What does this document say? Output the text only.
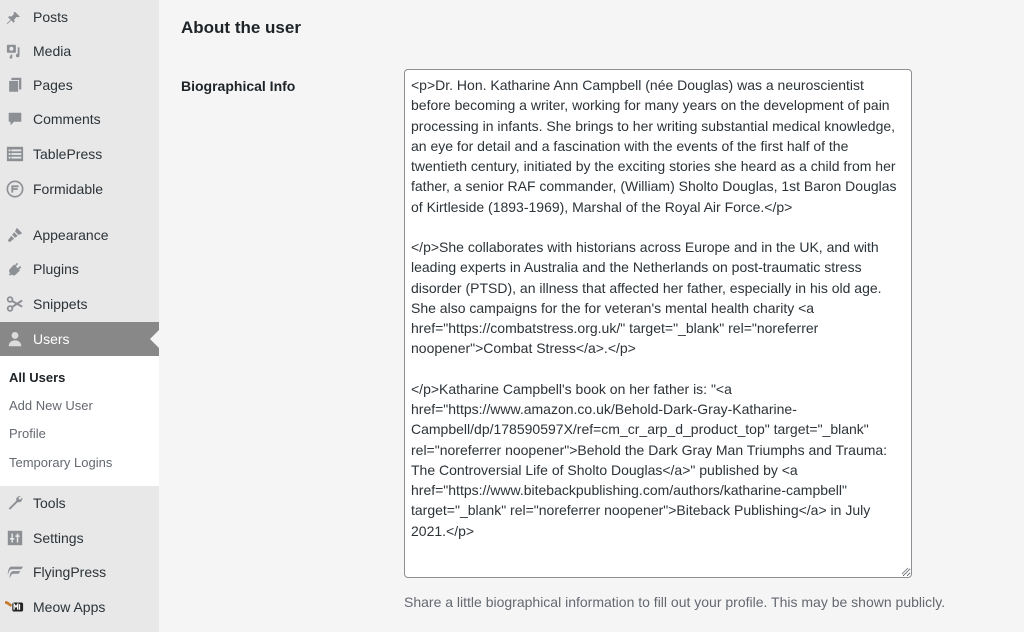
Posts
Media
Pages
Comments
TablePress
Formidable
Appearance
Plugins
Snippets
Users
All Users
Add New User
Profile
Temporary Logins
Tools
Settings
FlyingPress
Meow Apps
About the user
Biographical Info
<p>Dr. Hon. Katharine Ann Campbell (née Douglas) was a neuroscientist before becoming a writer, working for many years on the development of pain processing in infants. She brings to her writing substantial medical knowledge, an eye for detail and a fascination with the events of the first half of the twentieth century, initiated by the exciting stories she heard as a child from her father, a senior RAF commander, (William) Sholto Douglas, 1st Baron Douglas of Kirtleside (1893-1969), Marshal of the Royal Air Force.</p> </p>She collaborates with historians across Europe and in the UK, and with leading experts in Australia and the Netherlands on post-traumatic stress disorder (PTSD), an illness that affected her father, especially in his old age. She also campaigns for the for veteran's mental health charity <a href="https://combatstress.org.uk/" target="_blank" rel="noreferrer noopener">Combat Stress</a>.</p> </p>Katharine Campbell's book on her father is: "<a href="https://www.amazon.co.uk/Behold-Dark-Gray-Katharine-Campbell/dp/178590597X/ref=cm_cr_arp_d_product_top" target="_blank" rel="noreferrer noopener">Behold the Dark Gray Man Triumphs and Trauma: The Controversial Life of Sholto Douglas</a>" published by <a href="https://www.bitebackpublishing.com/authors/katharine-campbell" target="_blank" rel="noreferrer noopener">Biteback Publishing</a> in July 2021.</p>

Share a little biographical information to fill out your profile. This may be shown publicly.
